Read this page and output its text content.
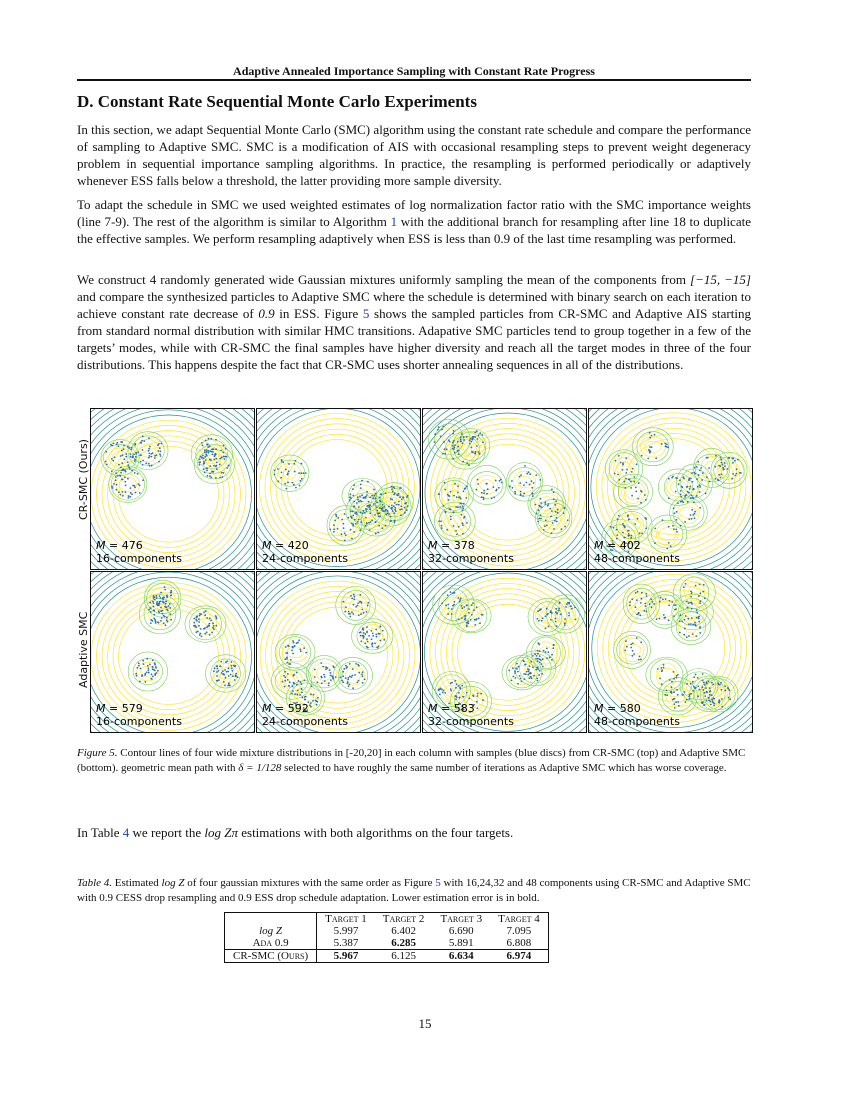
Adaptive Annealed Importance Sampling with Constant Rate Progress
D. Constant Rate Sequential Monte Carlo Experiments

In this section, we adapt Sequential Monte Carlo (SMC) algorithm using the constant rate schedule and compare the performance of sampling to Adaptive SMC. SMC is a modification of AIS with occasional resampling steps to prevent weight degeneracy problem in sequential importance sampling algorithms. In practice, the resampling is performed periodically or adaptively whenever ESS falls below a threshold, the latter providing more sample diversity.

To adapt the schedule in SMC we used weighted estimates of log normalization factor ratio with the SMC importance weights (line 7-9). The rest of the algorithm is similar to Algorithm 1 with the additional branch for resampling after line 18 to duplicate the effective samples. We perform resampling adaptively when ESS is less than 0.9 of the last time resampling was performed.

We construct 4 randomly generated wide Gaussian mixtures uniformly sampling the mean of the components from [−15, −15] and compare the synthesized particles to Adaptive SMC where the schedule is determined with binary search on each iteration to achieve constant rate decrease of 0.9 in ESS. Figure 5 shows the sampled particles from CR-SMC and Adaptive AIS starting from standard normal distribution with similar HMC transitions. Adapative SMC particles tend to group together in a few of the targets’ modes, while with CR-SMC the final samples have higher diversity and reach all the target modes in three of the four distributions. This happens despite the fact that CR-SMC uses shorter annealing sequences in all of the distributions.

CR-SMC (Ours)
Adaptive SMC
M = 476
16-components
M = 420
24-components
M = 378
32-components
M = 402
48-components
M = 579
16-components
M = 592
24-components
M = 583
32-components
M = 580
48-components
Figure 5. Contour lines of four wide mixture distributions in [-20,20] in each column with samples (blue discs) from CR-SMC (top) and Adaptive SMC (bottom). geometric mean path with δ = 1/128 selected to have roughly the same number of iterations as Adaptive SMC which has worse coverage.

In Table 4 we report the log Zπ estimations with both algorithms on the four targets.

Table 4. Estimated log Z of four gaussian mixtures with the same order as Figure 5 with 16,24,32 and 48 components using CR-SMC and Adaptive SMC with 0.9 CESS drop resampling and 0.9 ESS drop schedule adaptation. Lower estimation error is in bold.
	Target 1	Target 2	Target 3	Target 4
log Z	5.997	6.402	6.690	7.095
Ada 0.9	5.387	6.285	5.891	6.808
CR-SMC (Ours)	5.967	6.125	6.634	6.974
15
